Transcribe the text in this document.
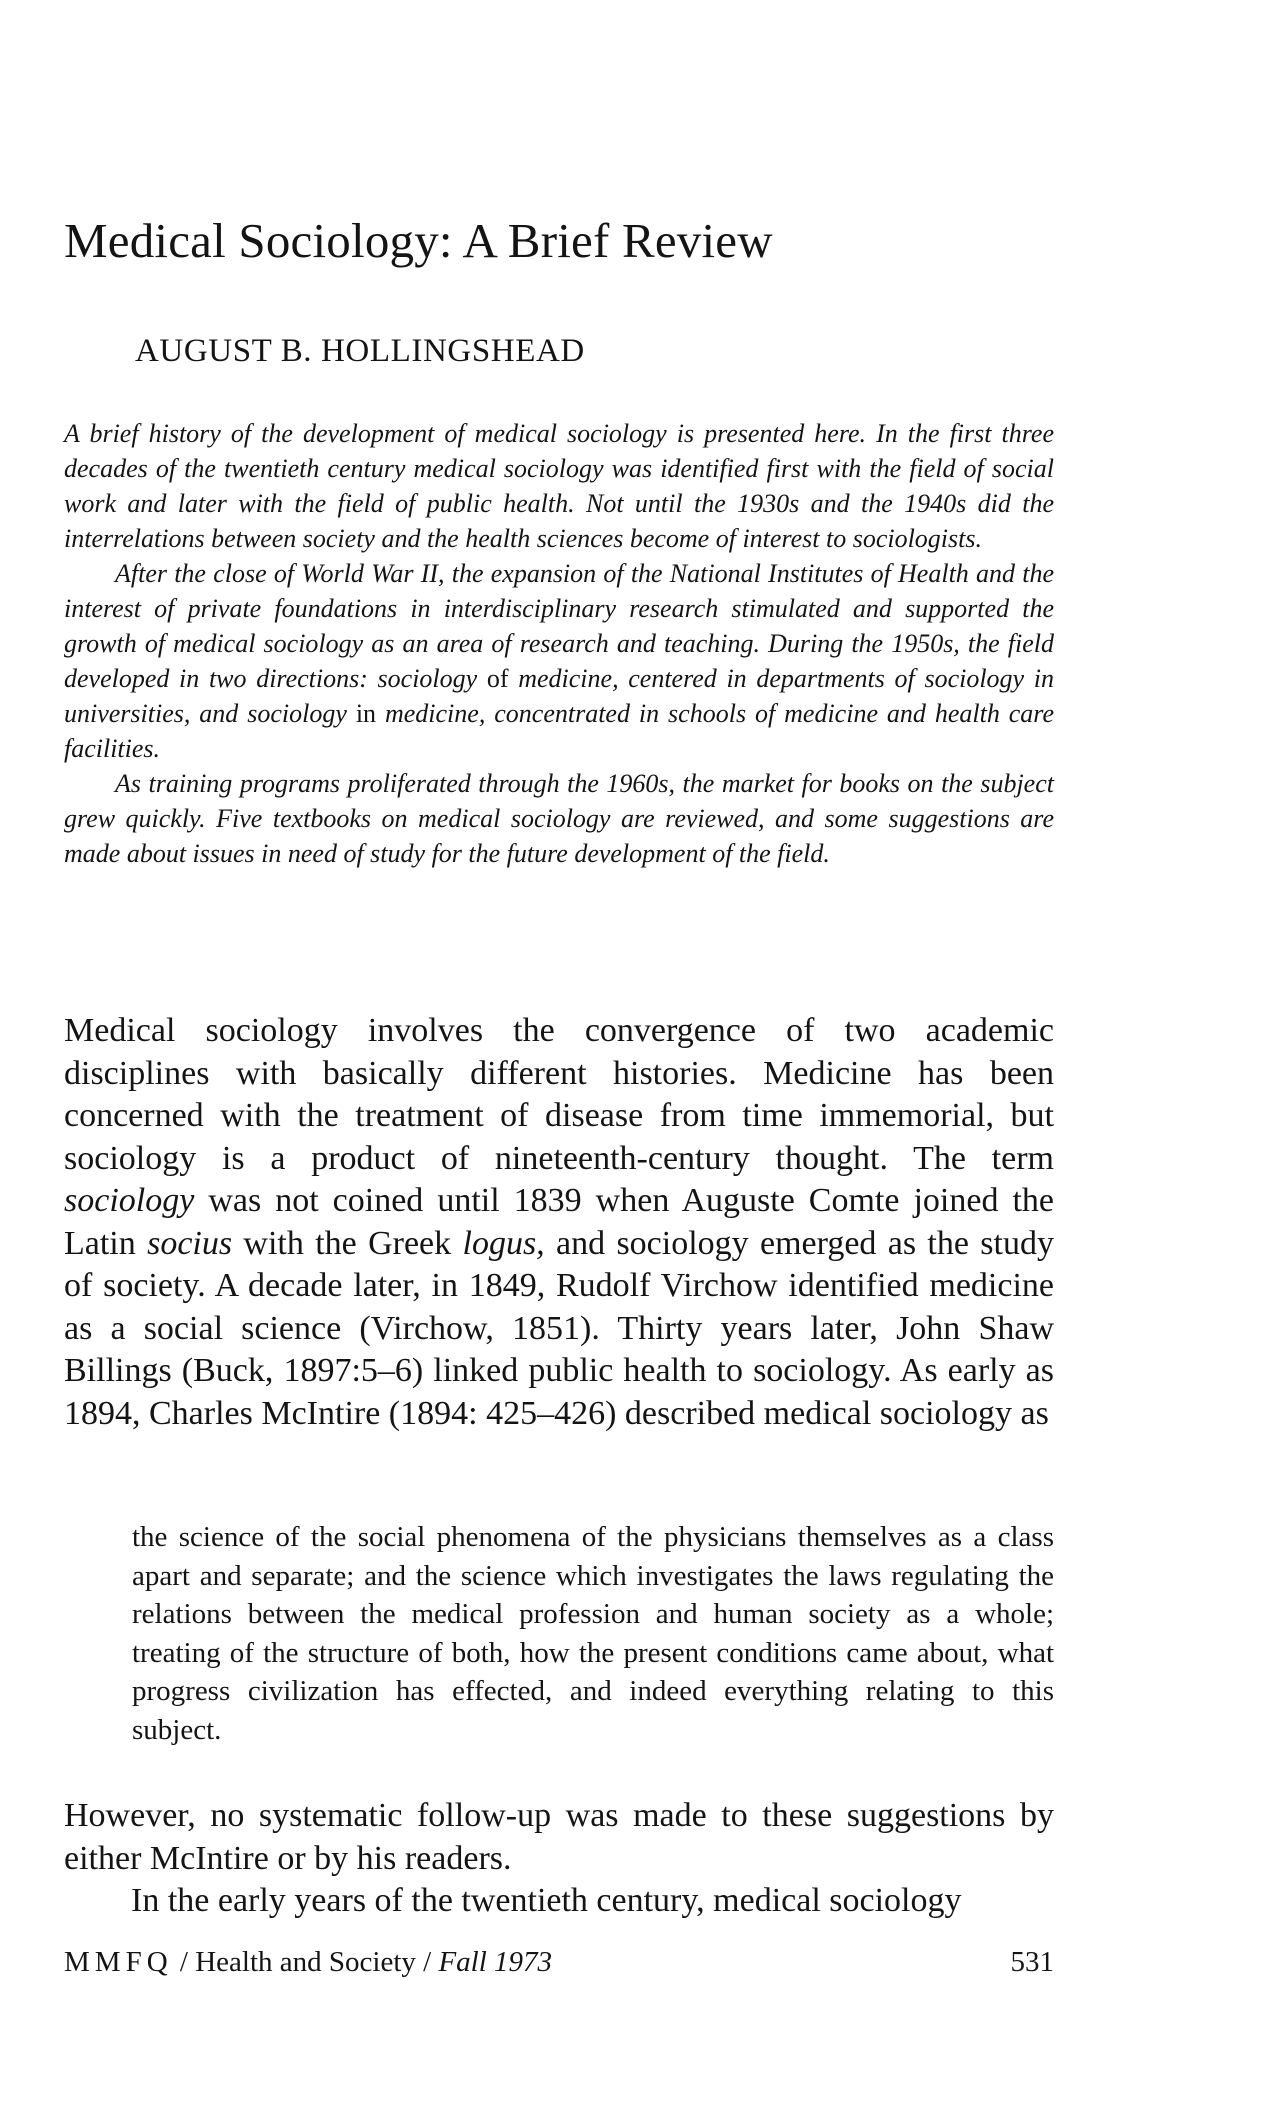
Medical Sociology: A Brief Review
AUGUST B. HOLLINGSHEAD

A brief history of the development of medical sociology is presented here. In the first three decades of the twentieth century medical sociology was identified first with the field of social work and later with the field of public health. Not until the 1930s and the 1940s did the interrelations between society and the health sciences become of interest to sociologists.

After the close of World War II, the expansion of the National Institutes of Health and the interest of private foundations in interdisciplinary research stimulated and supported the growth of medical sociology as an area of research and teaching. During the 1950s, the field developed in two directions: sociology of medicine, centered in departments of sociology in universities, and sociology in medicine, concentrated in schools of medicine and health care facilities.

As training programs proliferated through the 1960s, the market for books on the subject grew quickly. Five textbooks on medical sociology are reviewed, and some suggestions are made about issues in need of study for the future development of the field.

Medical sociology involves the convergence of two academic disciplines with basically different histories. Medicine has been concerned with the treatment of disease from time immemorial, but sociology is a product of nineteenth-century thought. The term sociology was not coined until 1839 when Auguste Comte joined the Latin socius with the Greek logus, and sociology emerged as the study of society. A decade later, in 1849, Rudolf Virchow identified medicine as a social science (Virchow, 1851). Thirty years later, John Shaw Billings (Buck, 1897:5–6) linked public health to sociology. As early as 1894, Charles McIntire (1894: 425–426) described medical sociology as

the science of the social phenomena of the physicians themselves as a class apart and separate; and the science which investigates the laws regulating the relations between the medical profession and human society as a whole; treating of the structure of both, how the present conditions came about, what progress civilization has effected, and indeed everything relating to this subject.

However, no systematic follow-up was made to these suggestions by either McIntire or by his readers.

In the early years of the twentieth century, medical sociology

MMFQ / Health and Society / Fall 1973	531
